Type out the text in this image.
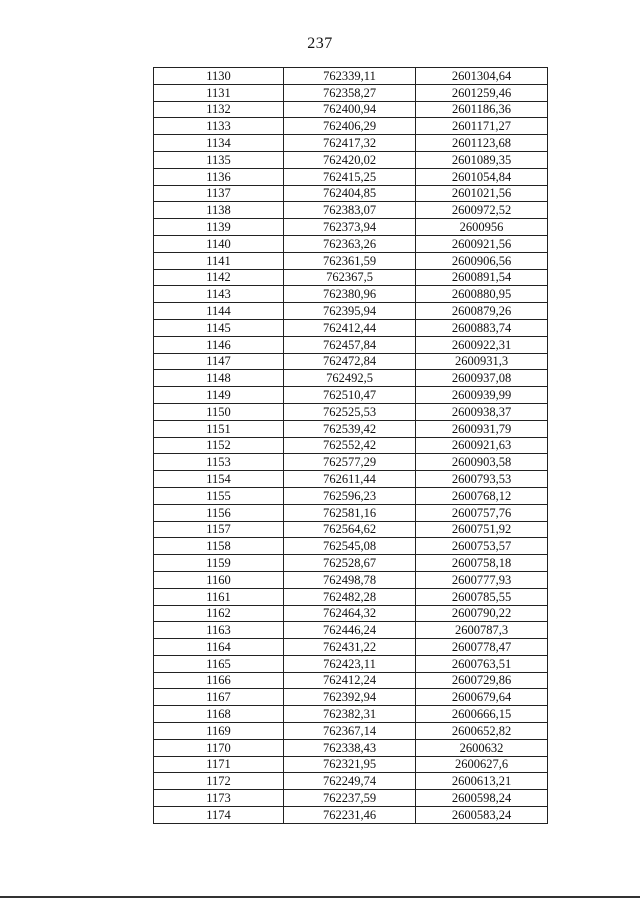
237
1130	762339,11	2601304,64
1131	762358,27	2601259,46
1132	762400,94	2601186,36
1133	762406,29	2601171,27
1134	762417,32	2601123,68
1135	762420,02	2601089,35
1136	762415,25	2601054,84
1137	762404,85	2601021,56
1138	762383,07	2600972,52
1139	762373,94	2600956
1140	762363,26	2600921,56
1141	762361,59	2600906,56
1142	762367,5	2600891,54
1143	762380,96	2600880,95
1144	762395,94	2600879,26
1145	762412,44	2600883,74
1146	762457,84	2600922,31
1147	762472,84	2600931,3
1148	762492,5	2600937,08
1149	762510,47	2600939,99
1150	762525,53	2600938,37
1151	762539,42	2600931,79
1152	762552,42	2600921,63
1153	762577,29	2600903,58
1154	762611,44	2600793,53
1155	762596,23	2600768,12
1156	762581,16	2600757,76
1157	762564,62	2600751,92
1158	762545,08	2600753,57
1159	762528,67	2600758,18
1160	762498,78	2600777,93
1161	762482,28	2600785,55
1162	762464,32	2600790,22
1163	762446,24	2600787,3
1164	762431,22	2600778,47
1165	762423,11	2600763,51
1166	762412,24	2600729,86
1167	762392,94	2600679,64
1168	762382,31	2600666,15
1169	762367,14	2600652,82
1170	762338,43	2600632
1171	762321,95	2600627,6
1172	762249,74	2600613,21
1173	762237,59	2600598,24
1174	762231,46	2600583,24
